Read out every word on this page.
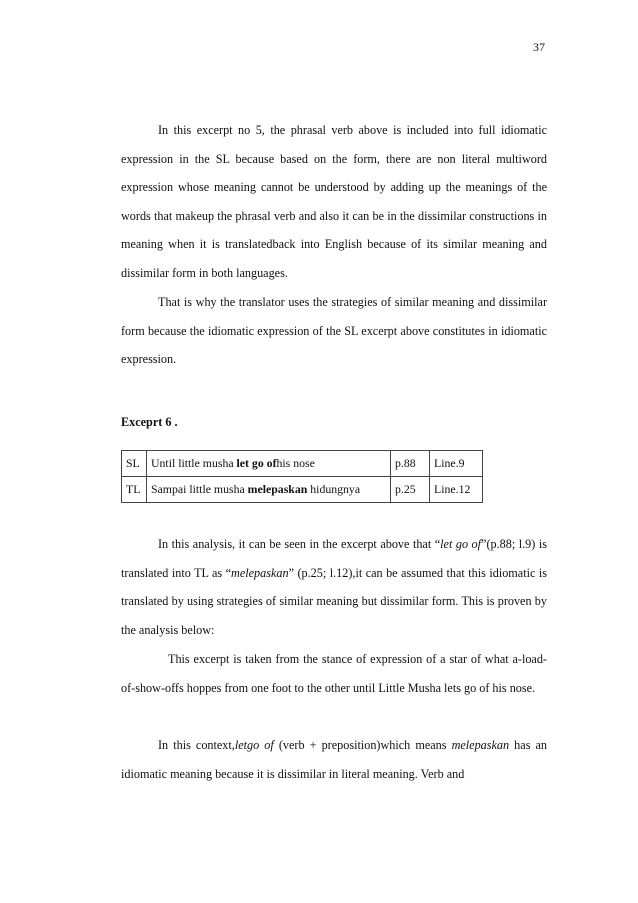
37

In this excerpt no 5, the phrasal verb above is included into full idiomatic expression in the SL because based on the form, there are non literal multiword expression whose meaning cannot be understood by adding up the meanings of the words that makeup the phrasal verb and also it can be in the dissimilar constructions in meaning when it is translatedback into English because of its similar meaning and dissimilar form in both languages.

That is why the translator uses the strategies of similar meaning and dissimilar form because the idiomatic expression of the SL excerpt above constitutes in idiomatic expression.

Exceprt 6 .

SL	Until little musha let go ofhis nose	p.88	Line.9
TL	Sampai little musha melepaskan hidungnya	p.25	Line.12

In this analysis, it can be seen in the excerpt above that “let go of”(p.88; l.9) is translated into TL as “melepaskan” (p.25; l.12),it can be assumed that this idiomatic is translated by using strategies of similar meaning but dissimilar form. This is proven by the analysis below:

This excerpt is taken from the stance of expression of a star of what a-load-of-show-offs hoppes from one foot to the other until Little Musha lets go of his nose.

In this context,letgo of (verb + preposition)which means melepaskan has an idiomatic meaning because it is dissimilar in literal meaning. Verb and
